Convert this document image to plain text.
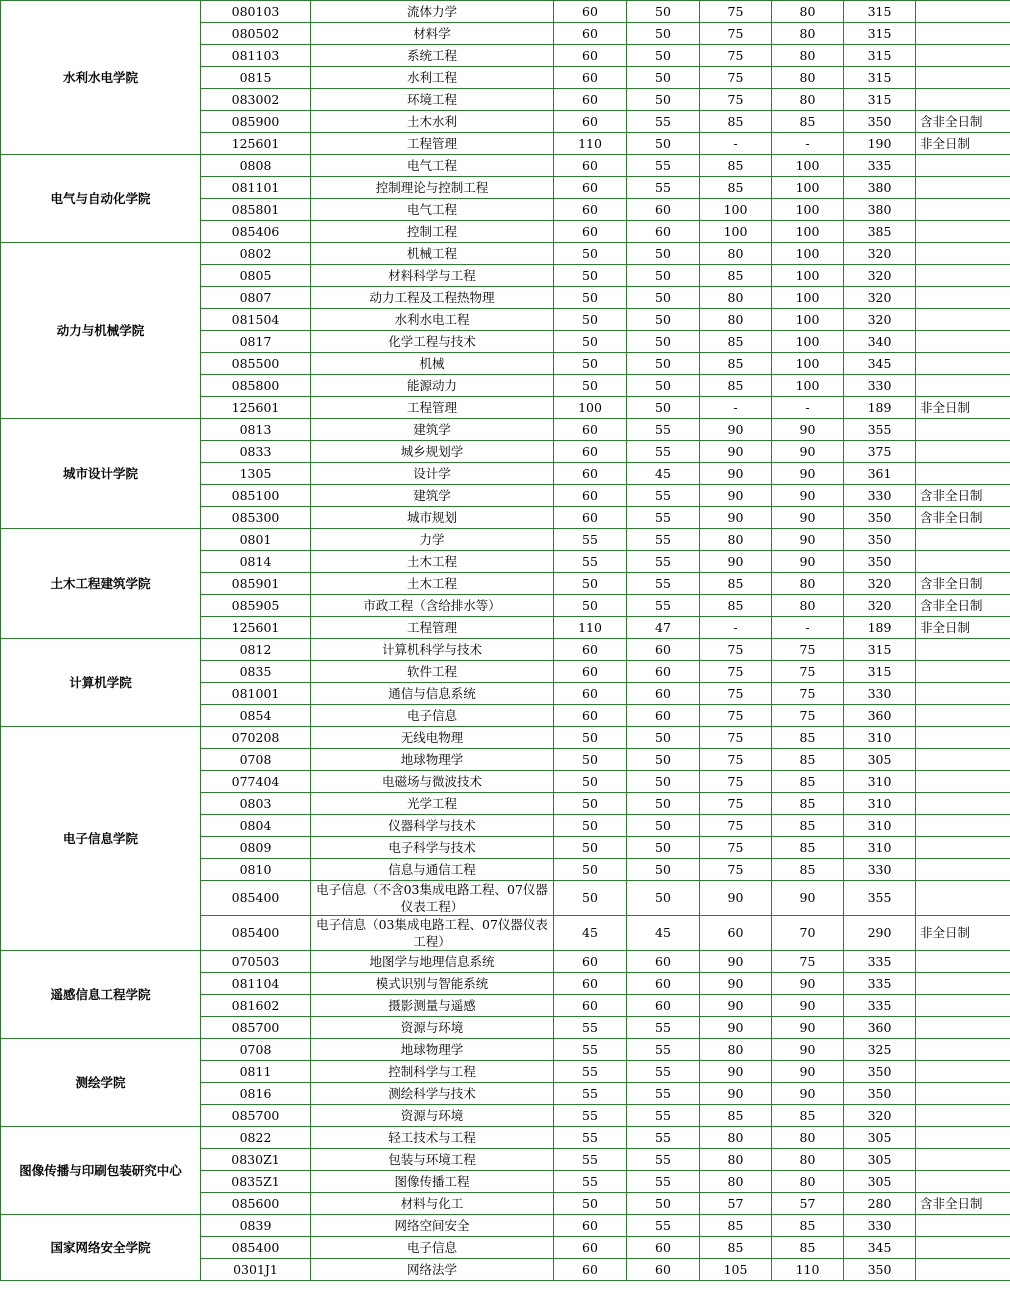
水利水电学院	080103	流体力学	60	50	75	80	315	
	080502	材料学	60	50	75	80	315	
	081103	系统工程	60	50	75	80	315	
	0815	水利工程	60	50	75	80	315	
	083002	环境工程	60	50	75	80	315	
	085900	土木水利	60	55	85	85	350	含非全日制
	125601	工程管理	110	50	-	-	190	非全日制
电气与自动化学院	0808	电气工程	60	55	85	100	335	
	081101	控制理论与控制工程	60	55	85	100	380	
	085801	电气工程	60	60	100	100	380	
	085406	控制工程	60	60	100	100	385	
动力与机械学院	0802	机械工程	50	50	80	100	320	
	0805	材料科学与工程	50	50	85	100	320	
	0807	动力工程及工程热物理	50	50	80	100	320	
	081504	水利水电工程	50	50	80	100	320	
	0817	化学工程与技术	50	50	85	100	340	
	085500	机械	50	50	85	100	345	
	085800	能源动力	50	50	85	100	330	
	125601	工程管理	100	50	-	-	189	非全日制
城市设计学院	0813	建筑学	60	55	90	90	355	
	0833	城乡规划学	60	55	90	90	375	
	1305	设计学	60	45	90	90	361	
	085100	建筑学	60	55	90	90	330	含非全日制
	085300	城市规划	60	55	90	90	350	含非全日制
土木工程建筑学院	0801	力学	55	55	80	90	350	
	0814	土木工程	55	55	90	90	350	
	085901	土木工程	50	55	85	80	320	含非全日制
	085905	市政工程（含给排水等）	50	55	85	80	320	含非全日制
	125601	工程管理	110	47	-	-	189	非全日制
计算机学院	0812	计算机科学与技术	60	60	75	75	315	
	0835	软件工程	60	60	75	75	315	
	081001	通信与信息系统	60	60	75	75	330	
	0854	电子信息	60	60	75	75	360	
电子信息学院	070208	无线电物理	50	50	75	85	310	
	0708	地球物理学	50	50	75	85	305	
	077404	电磁场与微波技术	50	50	75	85	310	
	0803	光学工程	50	50	75	85	310	
	0804	仪器科学与技术	50	50	75	85	310	
	0809	电子科学与技术	50	50	75	85	310	
	0810	信息与通信工程	50	50	75	85	330	
	085400	电子信息（不含03集成电路工程、07仪器仪表工程）	50	50	90	90	355	
	085400	电子信息（03集成电路工程、07仪器仪表工程）	45	45	60	70	290	非全日制
遥感信息工程学院	070503	地图学与地理信息系统	60	60	90	75	335	
	081104	模式识别与智能系统	60	60	90	90	335	
	081602	摄影测量与遥感	60	60	90	90	335	
	085700	资源与环境	55	55	90	90	360	
测绘学院	0708	地球物理学	55	55	80	90	325	
	0811	控制科学与工程	55	55	90	90	350	
	0816	测绘科学与技术	55	55	90	90	350	
	085700	资源与环境	55	55	85	85	320	
图像传播与印刷包装研究中心	0822	轻工技术与工程	55	55	80	80	305	
	0830Z1	包装与环境工程	55	55	80	80	305	
	0835Z1	图像传播工程	55	55	80	80	305	
	085600	材料与化工	50	50	57	57	280	含非全日制
国家网络安全学院	0839	网络空间安全	60	55	85	85	330	
	085400	电子信息	60	60	85	85	345	
	0301J1	网络法学	60	60	105	110	350	
